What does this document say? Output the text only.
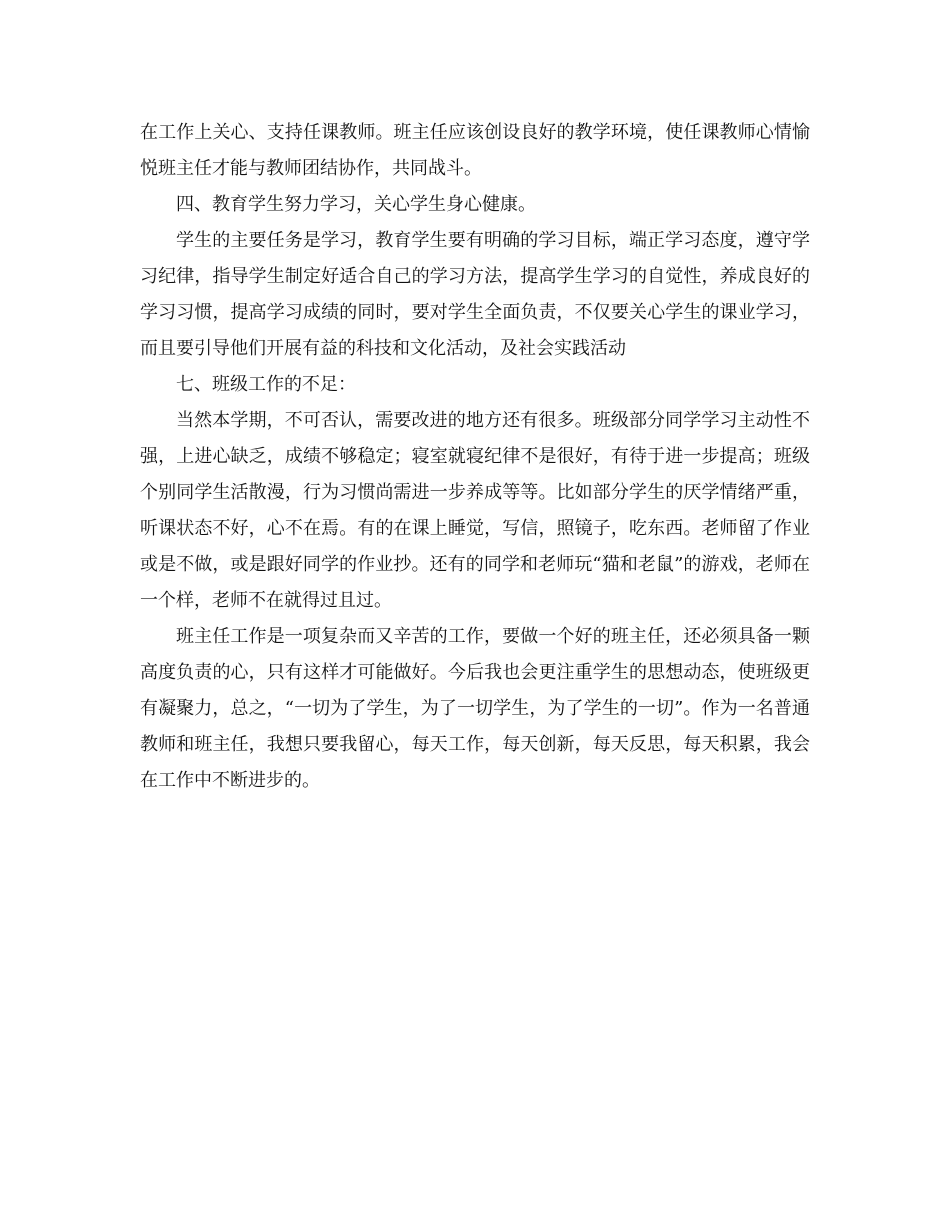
在工作上关心、支持任课教师。班主任应该创设良好的教学环境，使任课教师心情愉悦班主任才能与教师团结协作，共同战斗。

四、教育学生努力学习，关心学生身心健康。

学生的主要任务是学习，教育学生要有明确的学习目标，端正学习态度，遵守学习纪律，指导学生制定好适合自己的学习方法，提高学生学习的自觉性，养成良好的学习习惯，提高学习成绩的同时，要对学生全面负责，不仅要关心学生的课业学习，而且要引导他们开展有益的科技和文化活动，及社会实践活动

七、班级工作的不足：

当然本学期，不可否认，需要改进的地方还有很多。班级部分同学学习主动性不强，上进心缺乏，成绩不够稳定；寝室就寝纪律不是很好，有待于进一步提高；班级个别同学生活散漫，行为习惯尚需进一步养成等等。比如部分学生的厌学情绪严重，听课状态不好，心不在焉。有的在课上睡觉，写信，照镜子，吃东西。老师留了作业或是不做，或是跟好同学的作业抄。还有的同学和老师玩“猫和老鼠”的游戏，老师在一个样，老师不在就得过且过。

班主任工作是一项复杂而又辛苦的工作，要做一个好的班主任，还必须具备一颗高度负责的心，只有这样才可能做好。今后我也会更注重学生的思想动态，使班级更有凝聚力，总之，“一切为了学生，为了一切学生，为了学生的一切”。作为一名普通教师和班主任，我想只要我留心，每天工作，每天创新，每天反思，每天积累，我会在工作中不断进步的。
